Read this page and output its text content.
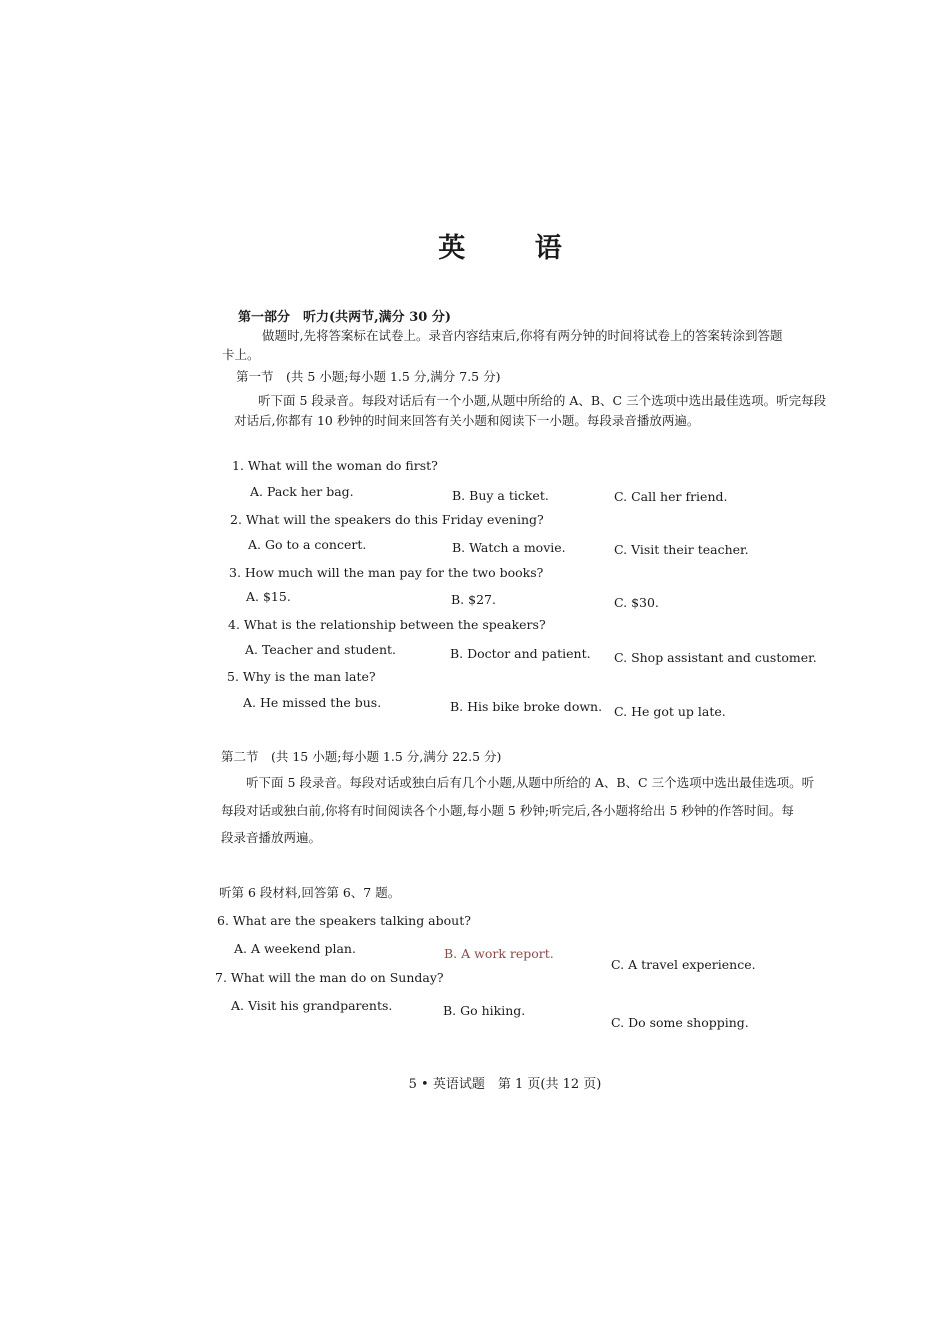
英 语
第一部分　听力(共两节,满分 30 分)
做题时,先将答案标在试卷上。录音内容结束后,你将有两分钟的时间将试卷上的答案转涂到答题
卡上。
第一节　(共 5 小题;每小题 1.5 分,满分 7.5 分)
听下面 5 段录音。每段对话后有一个小题,从题中所给的 A、B、C 三个选项中选出最佳选项。听完每段
对话后,你都有 10 秒钟的时间来回答有关小题和阅读下一小题。每段录音播放两遍。
1. What will the woman do first?
A. Pack her bag.	B. Buy a ticket.	C. Call her friend.
2. What will the speakers do this Friday evening?
A. Go to a concert.	B. Watch a movie.	C. Visit their teacher.
3. How much will the man pay for the two books?
A. $15.	B. $27.	C. $30.
4. What is the relationship between the speakers?
A. Teacher and student.	B. Doctor and patient. C. Shop assistant and customer.
5. Why is the man late?
A. He missed the bus.	B. His bike broke down. C. He got up late.
第二节　(共 15 小题;每小题 1.5 分,满分 22.5 分)
听下面 5 段录音。每段对话或独白后有几个小题,从题中所给的 A、B、C 三个选项中选出最佳选项。听
每段对话或独白前,你将有时间阅读各个小题,每小题 5 秒钟;听完后,各小题将给出 5 秒钟的作答时间。每
段录音播放两遍。
听第 6 段材料,回答第 6、7 题。
6. What are the speakers talking about?
A. A weekend plan.	B. A work report.
C. A travel experience.
7. What will the man do on Sunday?
A. Visit his grandparents.	B. Go hiking.
C. Do some shopping.
5 • 英语试题　第 1 页(共 12 页)
